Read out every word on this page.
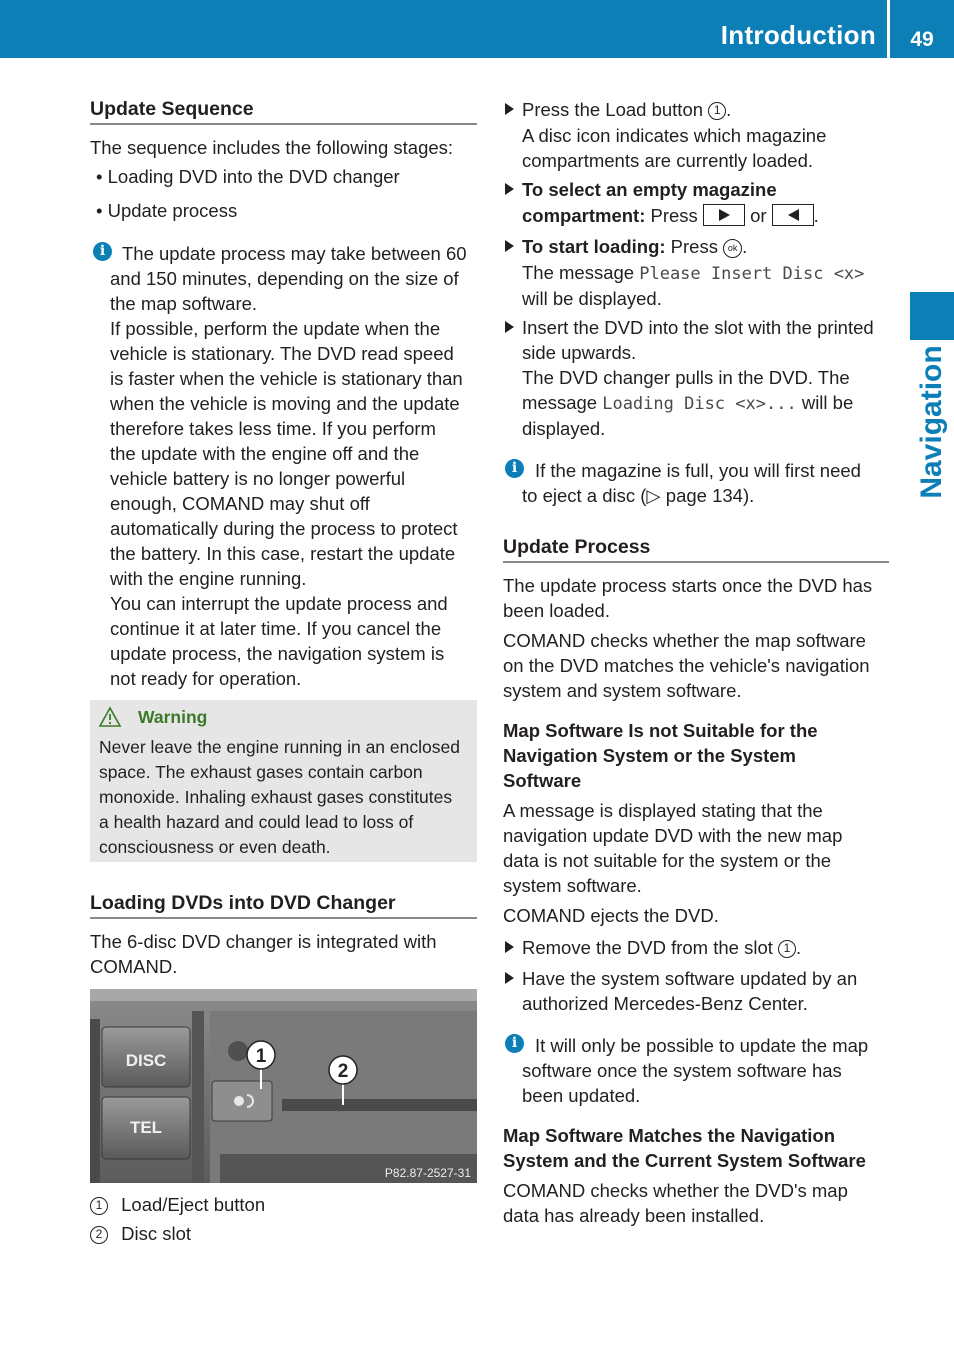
Introduction	49
Navigation
Update Sequence
The sequence includes the following stages:
• Loading DVD into the DVD changer
• Update process
i The update process may take between 60
and 150 minutes, depending on the size of
the map software.
If possible, perform the update when the
vehicle is stationary. The DVD read speed
is faster when the vehicle is stationary than
when the vehicle is moving and the update
therefore takes less time. If you perform
the update with the engine off and the
vehicle battery is no longer powerful
enough, COMAND may shut off
automatically during the process to protect
the battery. In this case, restart the update
with the engine running.
You can interrupt the update process and
continue it at later time. If you cancel the
update process, the navigation system is
not ready for operation.
Warning
Never leave the engine running in an enclosed
space. The exhaust gases contain carbon
monoxide. Inhaling exhaust gases constitutes
a health hazard and could lead to loss of
consciousness or even death.
Loading DVDs into DVD Changer
The 6-disc DVD changer is integrated with
COMAND.
DISC
TEL
1
2
P82.87-2527-31
1 Load/Eject button
2 Disc slot
Press the Load button 1 .
A disc icon indicates which magazine
compartments are currently loaded.
To select an empty magazine
compartment: Press
or
.
To start loading: Press ok .
The message Please Insert Disc <x>
will be displayed.
Insert the DVD into the slot with the printed
side upwards.
The DVD changer pulls in the DVD. The
message Loading Disc <x>... will be
displayed.
i If the magazine is full, you will first need
to eject a disc (▷ page 134).
Update Process
The update process starts once the DVD has
been loaded.
COMAND checks whether the map software
on the DVD matches the vehicle's navigation
system and system software.
Map Software Is not Suitable for the
Navigation System or the System
Software
A message is displayed stating that the
navigation update DVD with the new map
data is not suitable for the system or the
system software.
COMAND ejects the DVD.
Remove the DVD from the slot 1 .
Have the system software updated by an
authorized Mercedes-Benz Center.
i It will only be possible to update the map
software once the system software has
been updated.
Map Software Matches the Navigation
System and the Current System Software
COMAND checks whether the DVD's map
data has already been installed.
